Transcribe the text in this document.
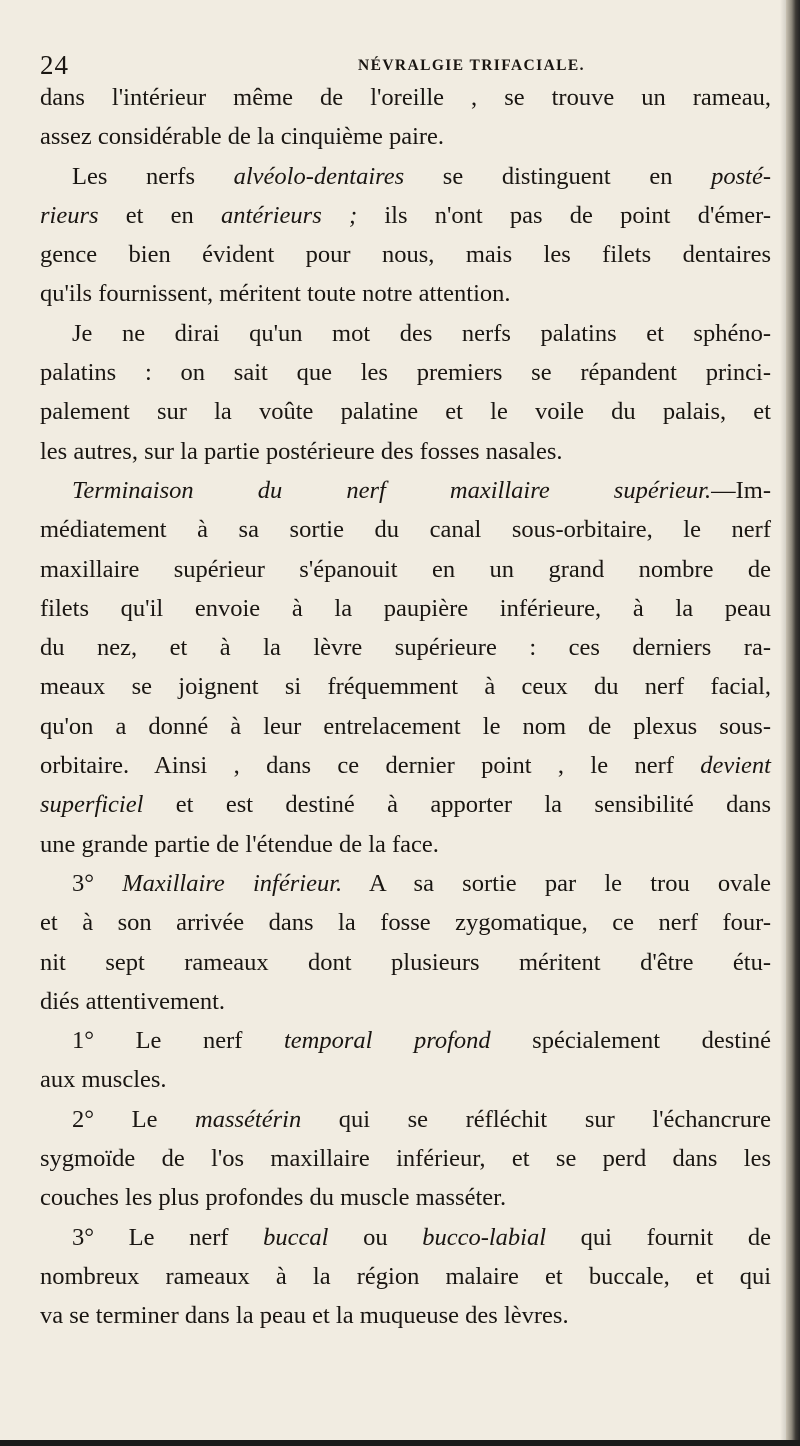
24	NÉVRALGIE TRIFACIALE.
dans l'intérieur même de l'oreille , se trouve un rameau,
assez considérable de la cinquième paire.
Les nerfs alvéolo-dentaires se distinguent en posté-
rieurs et en antérieurs ; ils n'ont pas de point d'émer-
gence bien évident pour nous, mais les filets dentaires
qu'ils fournissent, méritent toute notre attention.
Je ne dirai qu'un mot des nerfs palatins et sphéno-
palatins : on sait que les premiers se répandent princi-
palement sur la voûte palatine et le voile du palais, et
les autres, sur la partie postérieure des fosses nasales.
Terminaison du nerf maxillaire supérieur.—Im-
médiatement à sa sortie du canal sous-orbitaire, le nerf
maxillaire supérieur s'épanouit en un grand nombre de
filets qu'il envoie à la paupière inférieure, à la peau
du nez, et à la lèvre supérieure : ces derniers ra-
meaux se joignent si fréquemment à ceux du nerf facial,
qu'on a donné à leur entrelacement le nom de plexus sous-
orbitaire. Ainsi , dans ce dernier point , le nerf devient
superficiel et est destiné à apporter la sensibilité dans
une grande partie de l'étendue de la face.
3° Maxillaire inférieur. A sa sortie par le trou ovale
et à son arrivée dans la fosse zygomatique, ce nerf four-
nit sept rameaux dont plusieurs méritent d'être étu-
diés attentivement.
1° Le nerf temporal profond spécialement destiné
aux muscles.
2° Le massétérin qui se réfléchit sur l'échancrure
sygmoïde de l'os maxillaire inférieur, et se perd dans les
couches les plus profondes du muscle masséter.
3° Le nerf buccal ou bucco-labial qui fournit de
nombreux rameaux à la région malaire et buccale, et qui
va se terminer dans la peau et la muqueuse des lèvres.
